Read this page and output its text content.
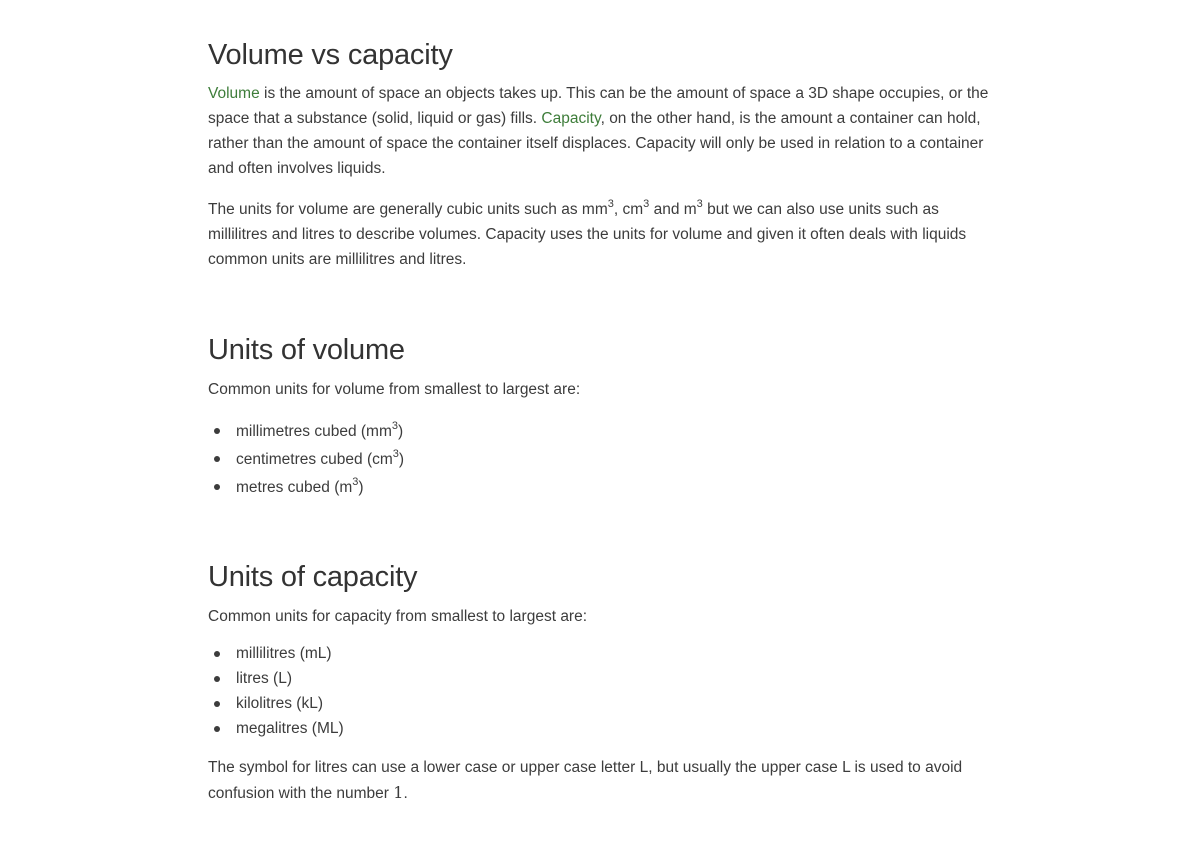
Volume vs capacity

Volume is the amount of space an objects takes up. This can be the amount of space a 3D shape occupies, or the space that a substance (solid, liquid or gas) fills. Capacity, on the other hand, is the amount a container can hold, rather than the amount of space the container itself displaces. Capacity will only be used in relation to a container and often involves liquids.

The units for volume are generally cubic units such as $mm^3$, $cm^3$ and $m^3$ but we can also use units such as millilitres and litres to describe volumes. Capacity uses the units for volume and given it often deals with liquids common units are millilitres and litres.

Units of volume

Common units for volume from smallest to largest are:

millimetres cubed $(mm^3)$
centimetres cubed $(cm^3)$
metres cubed $(m^3)$
Units of capacity

Common units for capacity from smallest to largest are:

millilitres (mL)
litres (L)
kilolitres (kL)
megalitres (ML)

The symbol for litres can use a lower case or upper case letter L, but usually the upper case L is used to avoid confusion with the number 1.
